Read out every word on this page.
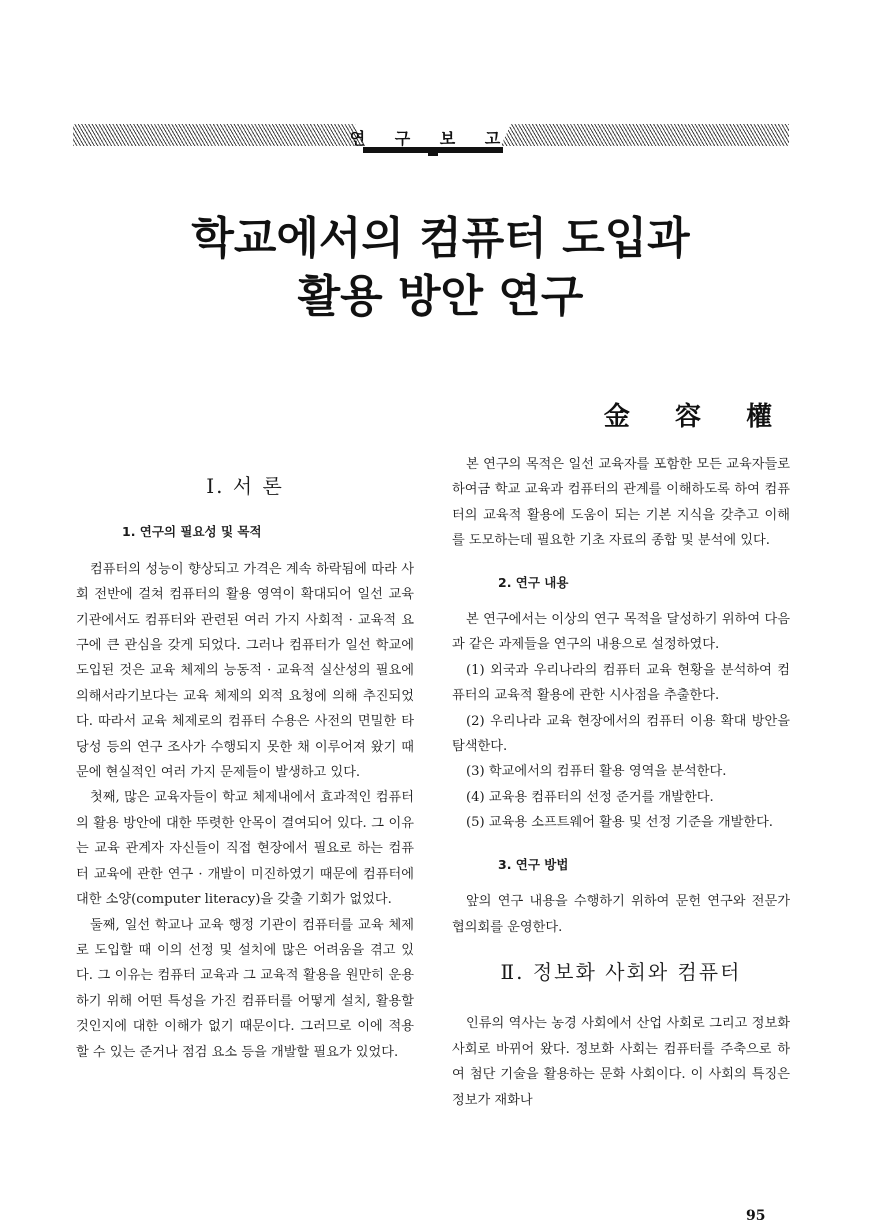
연 구 보 고
학교에서의 컴퓨터 도입과
활용 방안 연구
金 容 權
Ⅰ. 서 론
1. 연구의 필요성 및 목적

컴퓨터의 성능이 향상되고 가격은 계속 하락됨에 따라 사회 전반에 걸쳐 컴퓨터의 활용 영역이 확대되어 일선 교육 기관에서도 컴퓨터와 관련된 여러 가지 사회적 · 교육적 요구에 큰 관심을 갖게 되었다. 그러나 컴퓨터가 일선 학교에 도입된 것은 교육 체제의 능동적 · 교육적 실산성의 필요에 의해서라기보다는 교육 체제의 외적 요청에 의해 추진되었다. 따라서 교육 체제로의 컴퓨터 수용은 사전의 면밀한 타당성 등의 연구 조사가 수행되지 못한 채 이루어져 왔기 때문에 현실적인 여러 가지 문제들이 발생하고 있다.

첫째, 많은 교육자들이 학교 체제내에서 효과적인 컴퓨터의 활용 방안에 대한 뚜렷한 안목이 결여되어 있다. 그 이유는 교육 관계자 자신들이 직접 현장에서 필요로 하는 컴퓨터 교육에 관한 연구 · 개발이 미진하였기 때문에 컴퓨터에 대한 소양(computer literacy)을 갖출 기회가 없었다.

둘째, 일선 학교나 교육 행정 기관이 컴퓨터를 교육 체제로 도입할 때 이의 선정 및 설치에 많은 어려움을 겪고 있다. 그 이유는 컴퓨터 교육과 그 교육적 활용을 원만히 운용하기 위해 어떤 특성을 가진 컴퓨터를 어떻게 설치, 활용할 것인지에 대한 이해가 없기 때문이다. 그러므로 이에 적용할 수 있는 준거나 점검 요소 등을 개발할 필요가 있었다.

본 연구의 목적은 일선 교육자를 포함한 모든 교육자들로 하여금 학교 교육과 컴퓨터의 관계를 이해하도록 하여 컴퓨터의 교육적 활용에 도움이 되는 기본 지식을 갖추고 이해를 도모하는데 필요한 기초 자료의 종합 및 분석에 있다.

2. 연구 내용

본 연구에서는 이상의 연구 목적을 달성하기 위하여 다음과 같은 과제들을 연구의 내용으로 설정하였다.

(1) 외국과 우리나라의 컴퓨터 교육 현황을 분석하여 컴퓨터의 교육적 활용에 관한 시사점을 추출한다.

(2) 우리나라 교육 현장에서의 컴퓨터 이용 확대 방안을 탐색한다.

(3) 학교에서의 컴퓨터 활용 영역을 분석한다.

(4) 교육용 컴퓨터의 선정 준거를 개발한다.

(5) 교육용 소프트웨어 활용 및 선정 기준을 개발한다.

3. 연구 방법

앞의 연구 내용을 수행하기 위하여 문헌 연구와 전문가 협의회를 운영한다.

Ⅱ. 정보화 사회와 컴퓨터

인류의 역사는 농경 사회에서 산업 사회로 그리고 정보화 사회로 바뀌어 왔다. 정보화 사회는 컴퓨터를 주축으로 하여 첨단 기술을 활용하는 문화 사회이다. 이 사회의 특징은 정보가 재화나

95
